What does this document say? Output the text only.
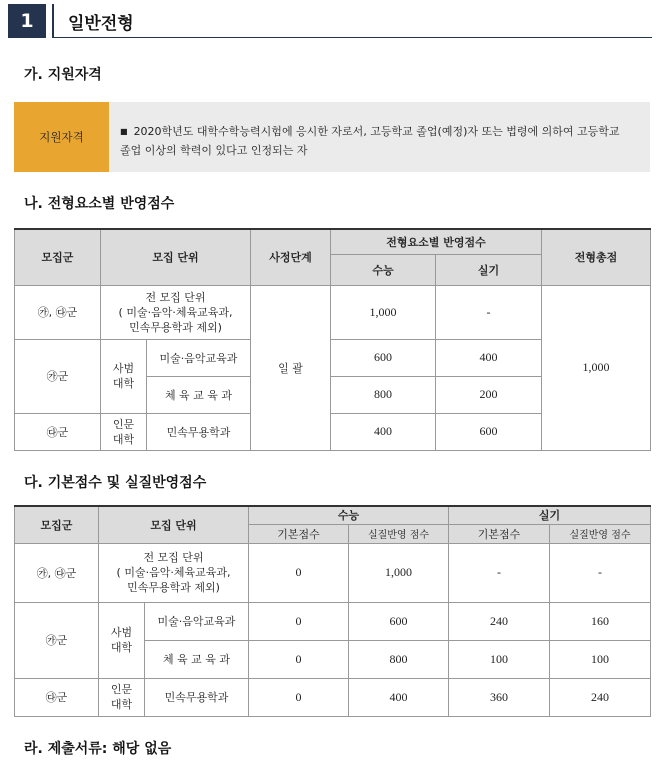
1	일반전형
가. 지원자격
지원자격	■ 2020학년도 대학수학능력시험에 응시한 자로서, 고등학교 졸업(예정)자 또는 법령에 의하여 고등학교
졸업 이상의 학력이 있다고 인정되는 자
나. 전형요소별 반영점수
모집군	모집 단위		사정단계	전형요소별 반영점수		전형총점
				수능	실기	
㉮, ㉰군	전 모집 단위
( 미술·음악·체육교육과,
민속무용학과 제외)		일 괄	1,000	-	1,000
㉮군	사범
대학	미술·음악교육과		600	400	
		체 육 교 육 과		800	200	
㉰군	인문
대학	민속무용학과		400	600	
다. 기본점수 및 실질반영점수
모집군	모집 단위		수능		실기	
			기본점수	실질반영 점수	기본점수	실질반영 점수
㉮, ㉰군	전 모집 단위
( 미술·음악·체육교육과,
민속무용학과 제외)		0	1,000	-	-
㉮군	사범
대학	미술·음악교육과	0	600	240	160
		체 육 교 육 과	0	800	100	100
㉰군	인문
대학	민속무용학과	0	400	360	240
라. 제출서류: 해당 없음
